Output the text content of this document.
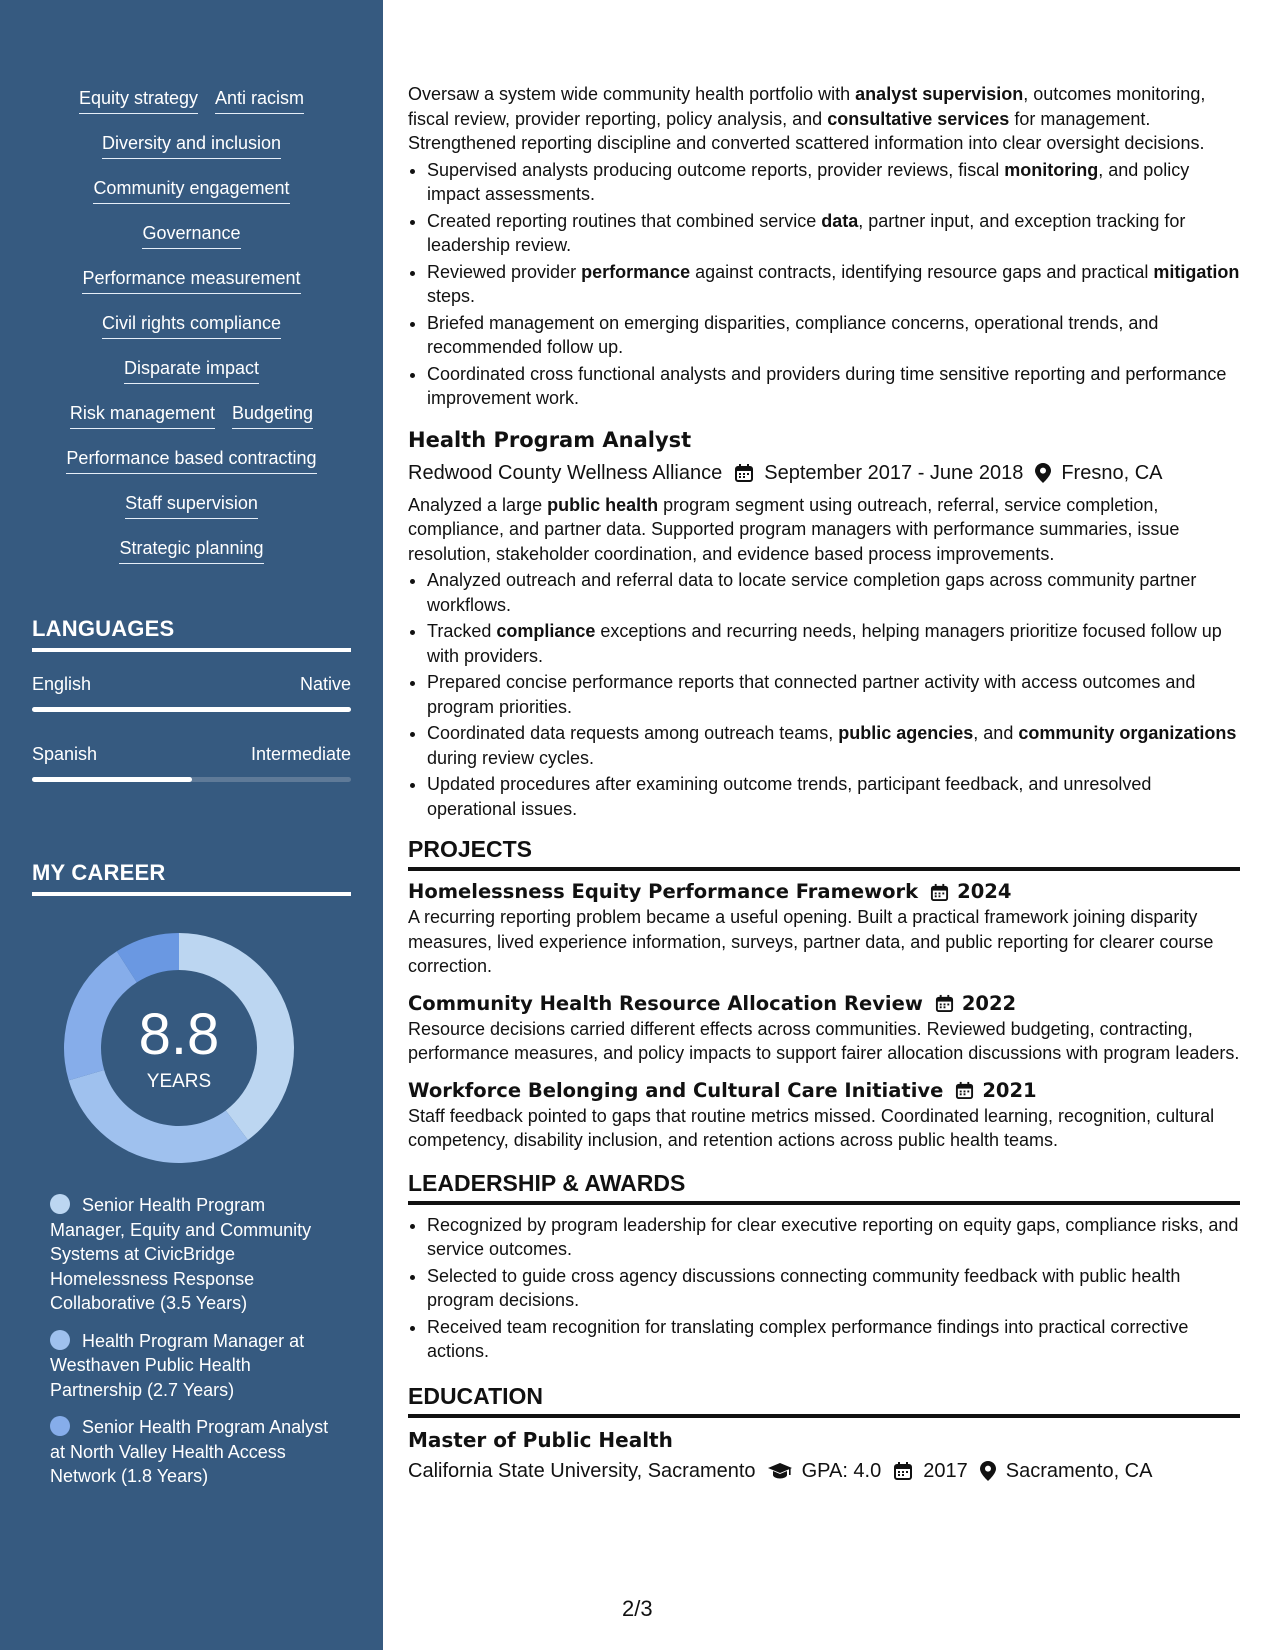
Equity strategy Anti racism
Diversity and inclusion
Community engagement
Governance
Performance measurement
Civil rights compliance
Disparate impact
Risk management Budgeting
Performance based contracting
Staff supervision
Strategic planning
LANGUAGES
English	Native
Spanish	Intermediate
MY CAREER
8.8
YEARS
Senior Health Program Manager, Equity and Community Systems at CivicBridge Homelessness Response Collaborative (3.5 Years)
Health Program Manager at Westhaven Public Health Partnership (2.7 Years)
Senior Health Program Analyst at North Valley Health Access Network (1.8 Years)

Oversaw a system wide community health portfolio with analyst supervision, outcomes monitoring, fiscal review, provider reporting, policy analysis, and consultative services for management. Strengthened reporting discipline and converted scattered information into clear oversight decisions.

• Supervised analysts producing outcome reports, provider reviews, fiscal monitoring, and policy impact assessments.
• Created reporting routines that combined service data, partner input, and exception tracking for leadership review.
• Reviewed provider performance against contracts, identifying resource gaps and practical mitigation steps.
• Briefed management on emerging disparities, compliance concerns, operational trends, and recommended follow up.
• Coordinated cross functional analysts and providers during time sensitive reporting and performance improvement work.
Health Program Analyst
Redwood County Wellness Alliance September 2017 - June 2018 Fresno, CA

Analyzed a large public health program segment using outreach, referral, service completion, compliance, and partner data. Supported program managers with performance summaries, issue resolution, stakeholder coordination, and evidence based process improvements.

• Analyzed outreach and referral data to locate service completion gaps across community partner workflows.
• Tracked compliance exceptions and recurring needs, helping managers prioritize focused follow up with providers.
• Prepared concise performance reports that connected partner activity with access outcomes and program priorities.
• Coordinated data requests among outreach teams, public agencies, and community organizations during review cycles.
• Updated procedures after examining outcome trends, participant feedback, and unresolved operational issues.
PROJECTS
Homelessness Equity Performance Framework 2024

A recurring reporting problem became a useful opening. Built a practical framework joining disparity measures, lived experience information, surveys, partner data, and public reporting for clearer course correction.

Community Health Resource Allocation Review 2022

Resource decisions carried different effects across communities. Reviewed budgeting, contracting, performance measures, and policy impacts to support fairer allocation discussions with program leaders.

Workforce Belonging and Cultural Care Initiative 2021

Staff feedback pointed to gaps that routine metrics missed. Coordinated learning, recognition, cultural competency, disability inclusion, and retention actions across public health teams.

LEADERSHIP & AWARDS
• Recognized by program leadership for clear executive reporting on equity gaps, compliance risks, and service outcomes.
• Selected to guide cross agency discussions connecting community feedback with public health program decisions.
• Received team recognition for translating complex performance findings into practical corrective actions.
EDUCATION
Master of Public Health
California State University, Sacramento GPA: 4.0 2017 Sacramento, CA
2/3
